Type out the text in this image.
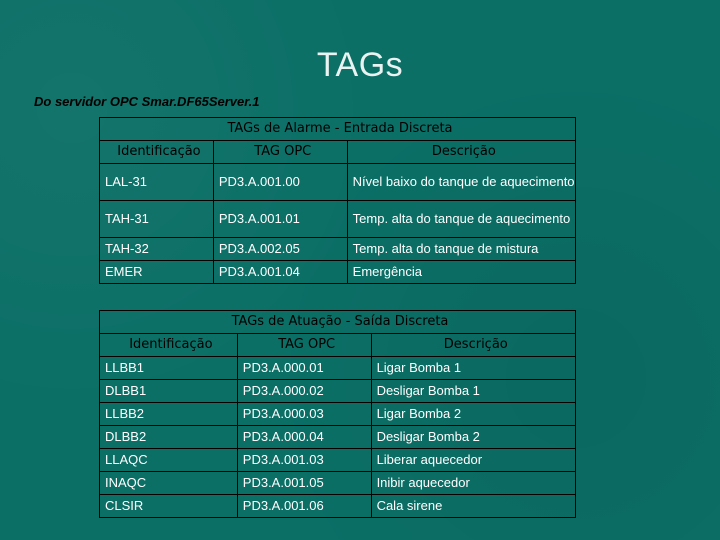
TAGs
Do servidor OPC Smar.DF65Server.1
TAGs de Alarme - Entrada Discreta		
Identificação	TAG OPC	Descrição
LAL-31	PD3.A.001.00	Nível baixo do tanque de aquecimento
TAH-31	PD3.A.001.01	Temp. alta do tanque de aquecimento
TAH-32	PD3.A.002.05	Temp. alta do tanque de mistura
EMER	PD3.A.001.04	Emergência
TAGs de Atuação - Saída Discreta		
Identificação	TAG OPC	Descrição
LLBB1	PD3.A.000.01	Ligar Bomba 1
DLBB1	PD3.A.000.02	Desligar Bomba 1
LLBB2	PD3.A.000.03	Ligar Bomba 2
DLBB2	PD3.A.000.04	Desligar Bomba 2
LLAQC	PD3.A.001.03	Liberar aquecedor
INAQC	PD3.A.001.05	Inibir aquecedor
CLSIR	PD3.A.001.06	Cala sirene
